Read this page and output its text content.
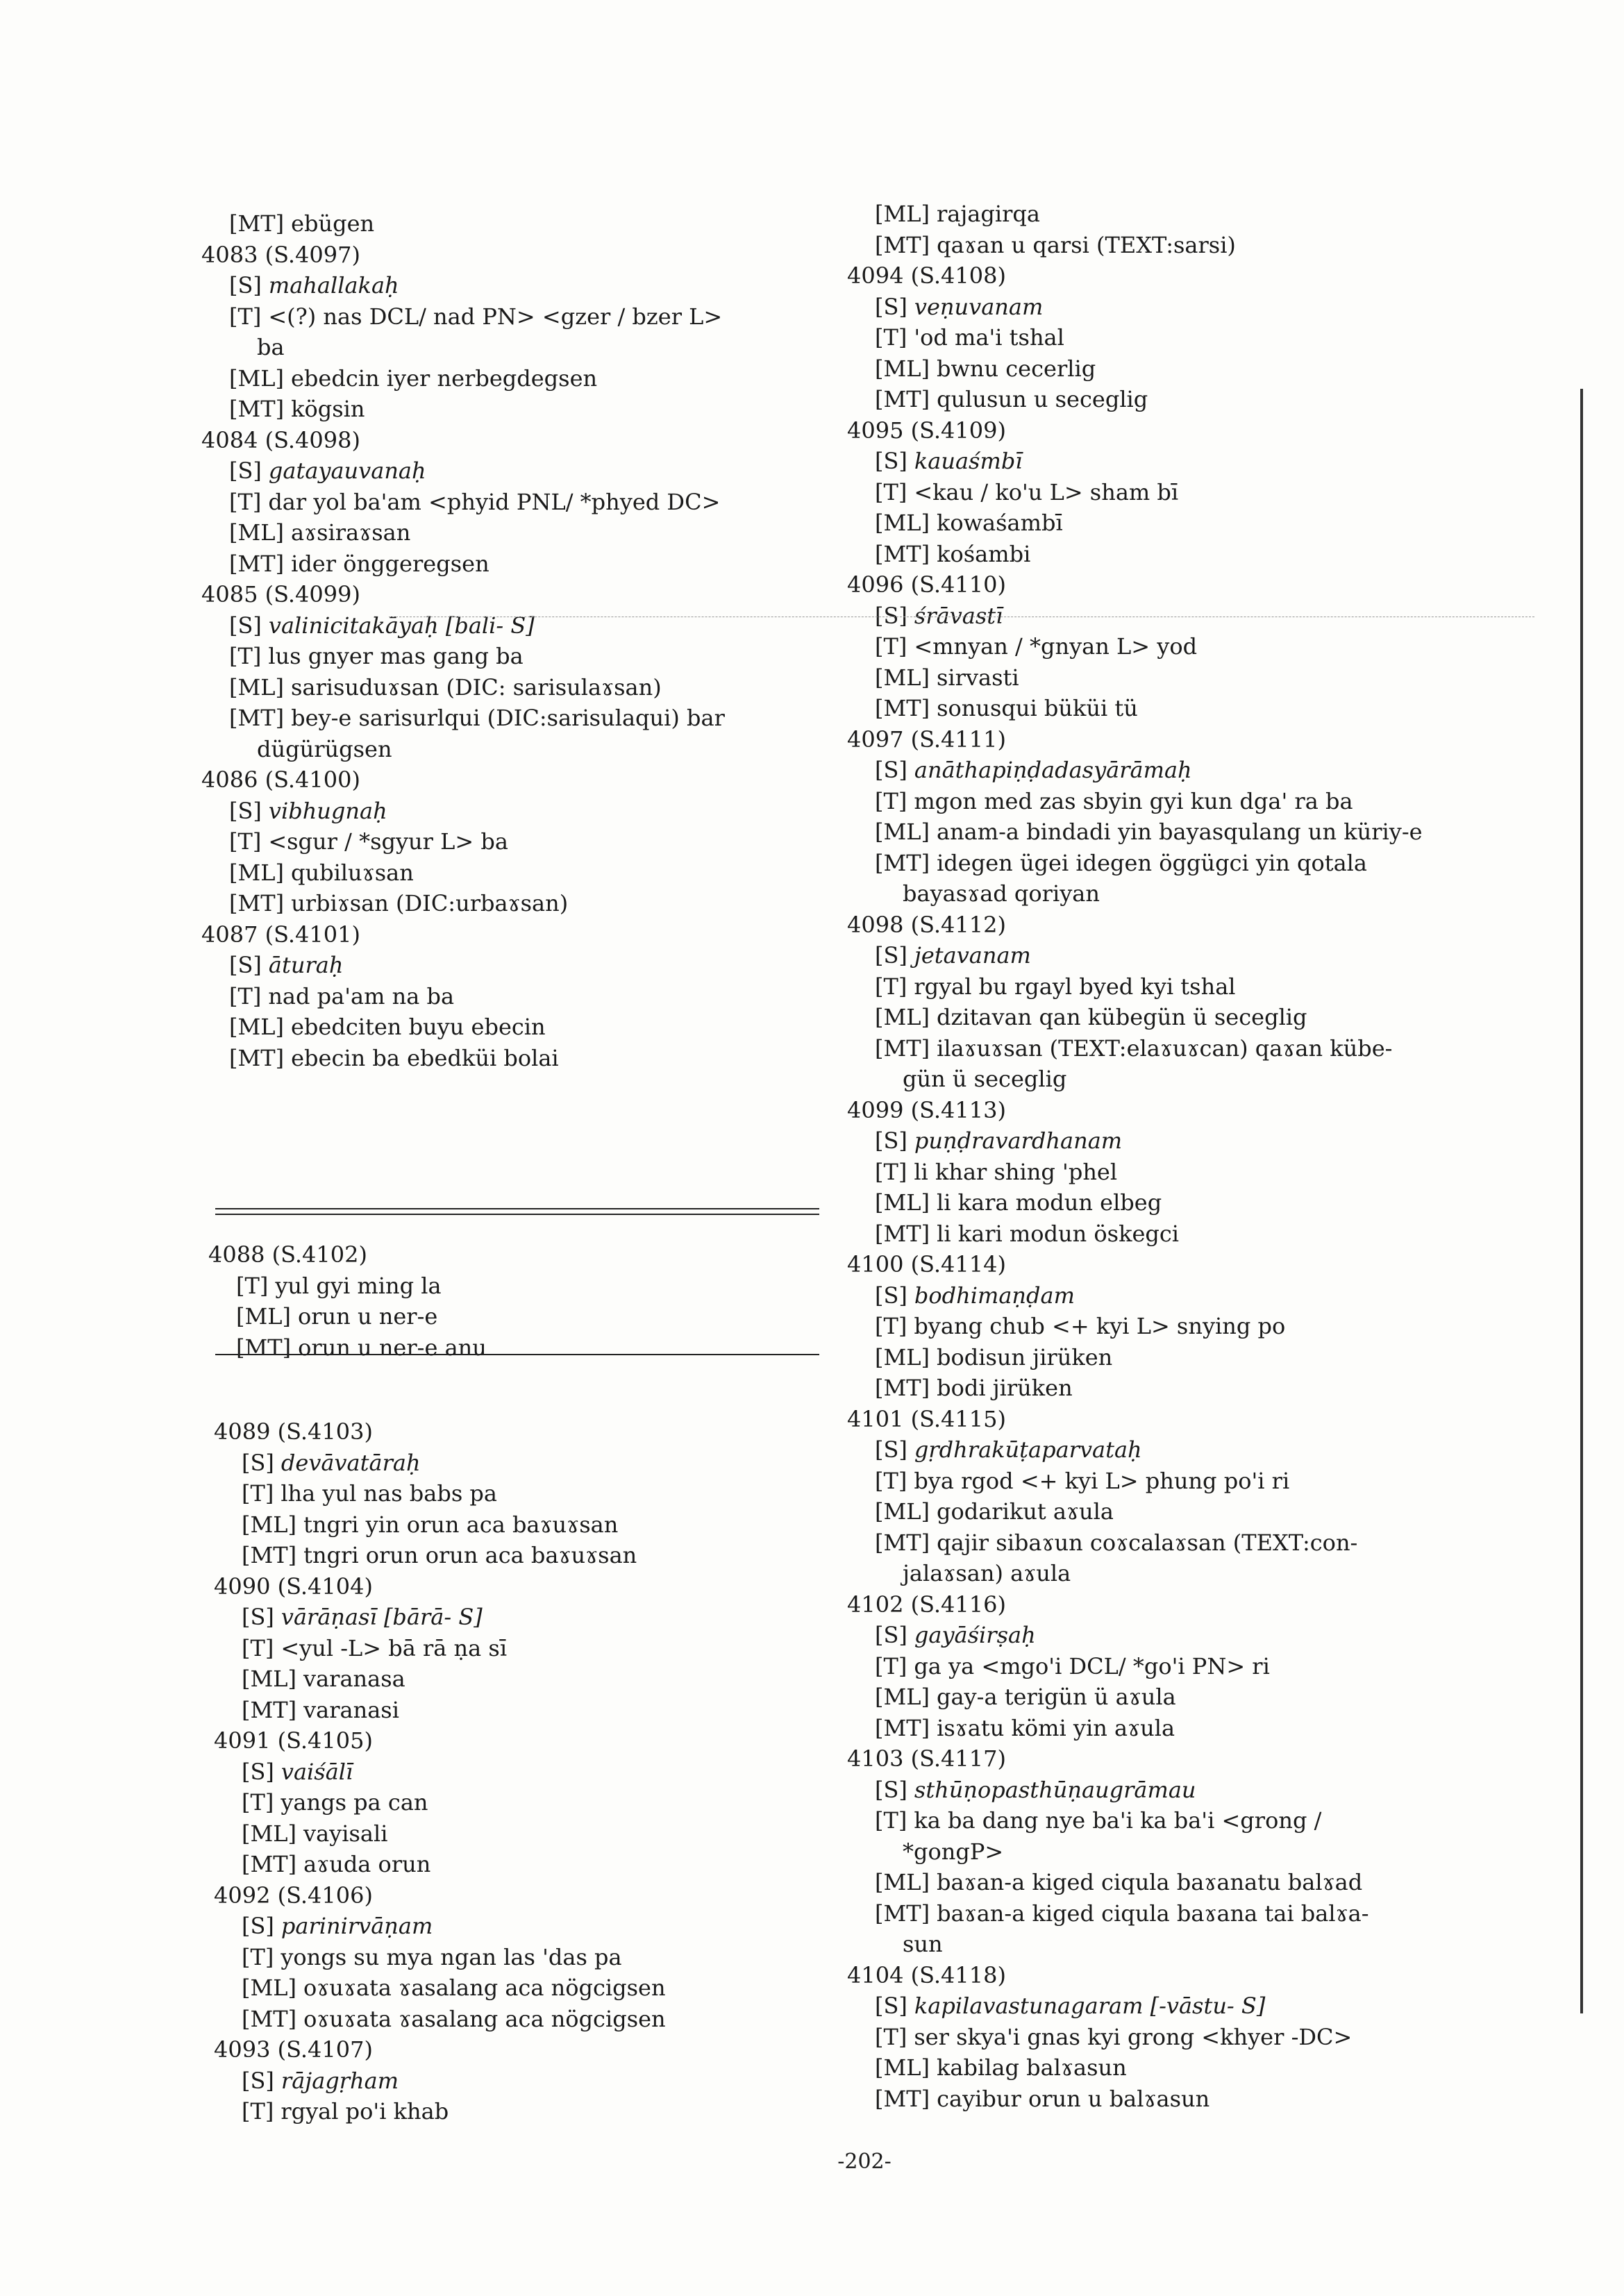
[MT] ebügen
4083 (S.4097)
[S] mahallakaḥ
[T] <(?) nas DCL/ nad PN> <gzer / bzer L>
ba
[ML] ebedcin iyer nerbegdegsen
[MT] kögsin
4084 (S.4098)
[S] gatayauvanaḥ
[T] dar yol ba'am <phyid PNL/ *phyed DC>
[ML] aɤsiraɤsan
[MT] ider önggeregsen
4085 (S.4099)
[S] valinicitakāyaḥ [bali- S]
[T] lus gnyer mas gang ba
[ML] sarisuduɤsan (DIC: sarisulaɤsan)
[MT] bey-e sarisurlqui (DIC:sarisulaqui) bar
dügürügsen
4086 (S.4100)
[S] vibhugnaḥ
[T] <sgur / *sgyur L> ba
[ML] qubiluɤsan
[MT] urbiɤsan (DIC:urbaɤsan)
4087 (S.4101)
[S] āturaḥ
[T] nad pa'am na ba
[ML] ebedciten buyu ebecin
[MT] ebecin ba ebedküi bolai
4088 (S.4102)
[T] yul gyi ming la
[ML] orun u ner-e
[MT] orun u ner-e anu
4089 (S.4103)
[S] devāvatāraḥ
[T] lha yul nas babs pa
[ML] tngri yin orun aca baɤuɤsan
[MT] tngri orun orun aca baɤuɤsan
4090 (S.4104)
[S] vārāṇasī [bārā- S]
[T] <yul -L> bā rā ṇa sī
[ML] varanasa
[MT] varanasi
4091 (S.4105)
[S] vaiśālī
[T] yangs pa can
[ML] vayisali
[MT] aɤuda orun
4092 (S.4106)
[S] parinirvāṇam
[T] yongs su mya ngan las 'das pa
[ML] oɤuɤata ɤasalang aca nögcigsen
[MT] oɤuɤata ɤasalang aca nögcigsen
4093 (S.4107)
[S] rājagṛham
[T] rgyal po'i khab
[ML] rajagirqa
[MT] qaɤan u qarsi (TEXT:sarsi)
4094 (S.4108)
[S] veṇuvanam
[T] 'od ma'i tshal
[ML] bwnu cecerlig
[MT] qulusun u seceglig
4095 (S.4109)
[S] kauaśmbī
[T] <kau / ko'u L> sham bī
[ML] kowaśambī
[MT] kośambi
4096 (S.4110)
[S] śrāvastī
[T] <mnyan / *gnyan L> yod
[ML] sirvasti
[MT] sonusqui büküi tü
4097 (S.4111)
[S] anāthapiṇḍadasyārāmaḥ
[T] mgon med zas sbyin gyi kun dga' ra ba
[ML] anam-a bindadi yin bayasqulang un küriy-e
[MT] idegen ügei idegen öggügci yin qotala
bayasɤad qoriyan
4098 (S.4112)
[S] jetavanam
[T] rgyal bu rgayl byed kyi tshal
[ML] dzitavan qan kübegün ü seceglig
[MT] ilaɤuɤsan (TEXT:elaɤuɤcan) qaɤan kübe-
gün ü seceglig
4099 (S.4113)
[S] puṇḍravardhanam
[T] li khar shing 'phel
[ML] li kara modun elbeg
[MT] li kari modun öskegci
4100 (S.4114)
[S] bodhimaṇḍam
[T] byang chub <+ kyi L> snying po
[ML] bodisun jirüken
[MT] bodi jirüken
4101 (S.4115)
[S] gṛdhrakūṭaparvataḥ
[T] bya rgod <+ kyi L> phung po'i ri
[ML] godarikut aɤula
[MT] qajir sibaɤun coɤcalaɤsan (TEXT:con-
jalaɤsan) aɤula
4102 (S.4116)
[S] gayāśirṣaḥ
[T] ga ya <mgo'i DCL/ *go'i PN> ri
[ML] gay-a terigün ü aɤula
[MT] isɤatu kömi yin aɤula
4103 (S.4117)
[S] sthūṇopasthūṇaugrāmau
[T] ka ba dang nye ba'i ka ba'i <grong /
*gongP>
[ML] baɤan-a kiged ciqula baɤanatu balɤad
[MT] baɤan-a kiged ciqula baɤana tai balɤa-
sun
4104 (S.4118)
[S] kapilavastunagaram [-vāstu- S]
[T] ser skya'i gnas kyi grong <khyer -DC>
[ML] kabilag balɤasun
[MT] cayibur orun u balɤasun
-202-
